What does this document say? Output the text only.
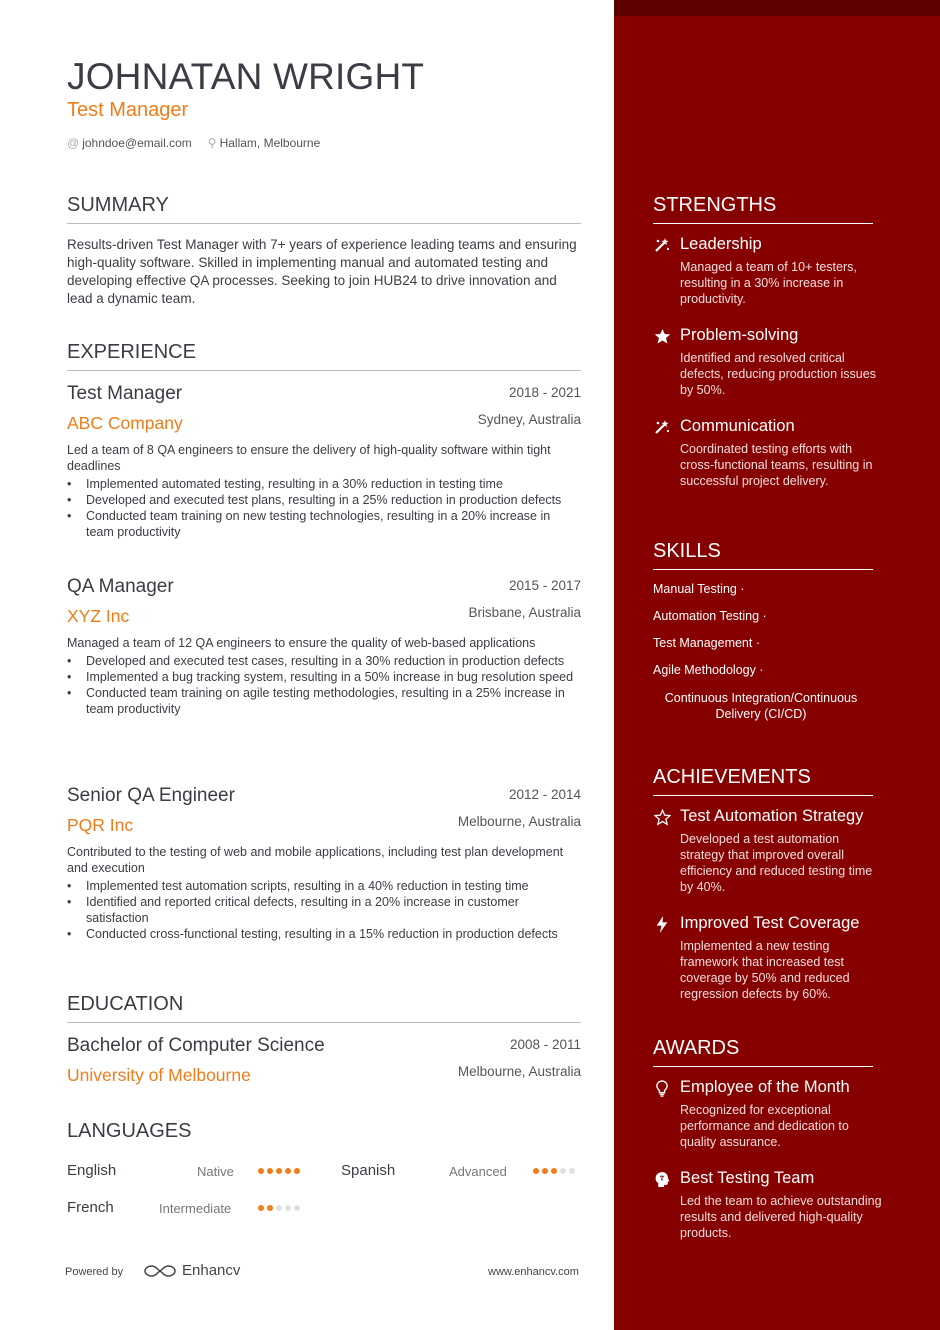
JOHNATAN WRIGHT
Test Manager
@ johndoe@email.com ⚲ Hallam, Melbourne
SUMMARY
Results-driven Test Manager with 7+ years of experience leading teams and ensuring high-quality software. Skilled in implementing manual and automated testing and developing effective QA processes. Seeking to join HUB24 to drive innovation and lead a dynamic team.
EXPERIENCE
Test Manager	2018 - 2021
ABC Company	Sydney, Australia
Led a team of 8 QA engineers to ensure the delivery of high-quality software within tight deadlines
• Implemented automated testing, resulting in a 30% reduction in testing time
• Developed and executed test plans, resulting in a 25% reduction in production defects
• Conducted team training on new testing technologies, resulting in a 20% increase in team productivity
QA Manager	2015 - 2017
XYZ Inc	Brisbane, Australia
Managed a team of 12 QA engineers to ensure the quality of web-based applications
• Developed and executed test cases, resulting in a 30% reduction in production defects
• Implemented a bug tracking system, resulting in a 50% increase in bug resolution speed
• Conducted team training on agile testing methodologies, resulting in a 25% increase in team productivity
Senior QA Engineer	2012 - 2014
PQR Inc	Melbourne, Australia
Contributed to the testing of web and mobile applications, including test plan development and execution
• Implemented test automation scripts, resulting in a 40% reduction in testing time
• Identified and reported critical defects, resulting in a 20% increase in customer satisfaction
• Conducted cross-functional testing, resulting in a 15% reduction in production defects
EDUCATION
Bachelor of Computer Science	2008 - 2011
University of Melbourne	Melbourne, Australia
LANGUAGES
English	Native	Spanish	Advanced
French	Intermediate
Powered by	Enhancv	www.enhancv.com
STRENGTHS
Leadership
Managed a team of 10+ testers, resulting in a 30% increase in productivity.
Problem-solving
Identified and resolved critical defects, reducing production issues by 50%.
Communication
Coordinated testing efforts with cross-functional teams, resulting in successful project delivery.
SKILLS
Manual Testing ·
Automation Testing ·
Test Management ·
Agile Methodology ·
Continuous Integration/Continuous Delivery (CI/CD)
ACHIEVEMENTS
Test Automation Strategy
Developed a test automation strategy that improved overall efficiency and reduced testing time by 40%.
Improved Test Coverage
Implemented a new testing framework that increased test coverage by 50% and reduced regression defects by 60%.
AWARDS
Employee of the Month
Recognized for exceptional performance and dedication to quality assurance.
Best Testing Team
Led the team to achieve outstanding results and delivered high-quality products.
